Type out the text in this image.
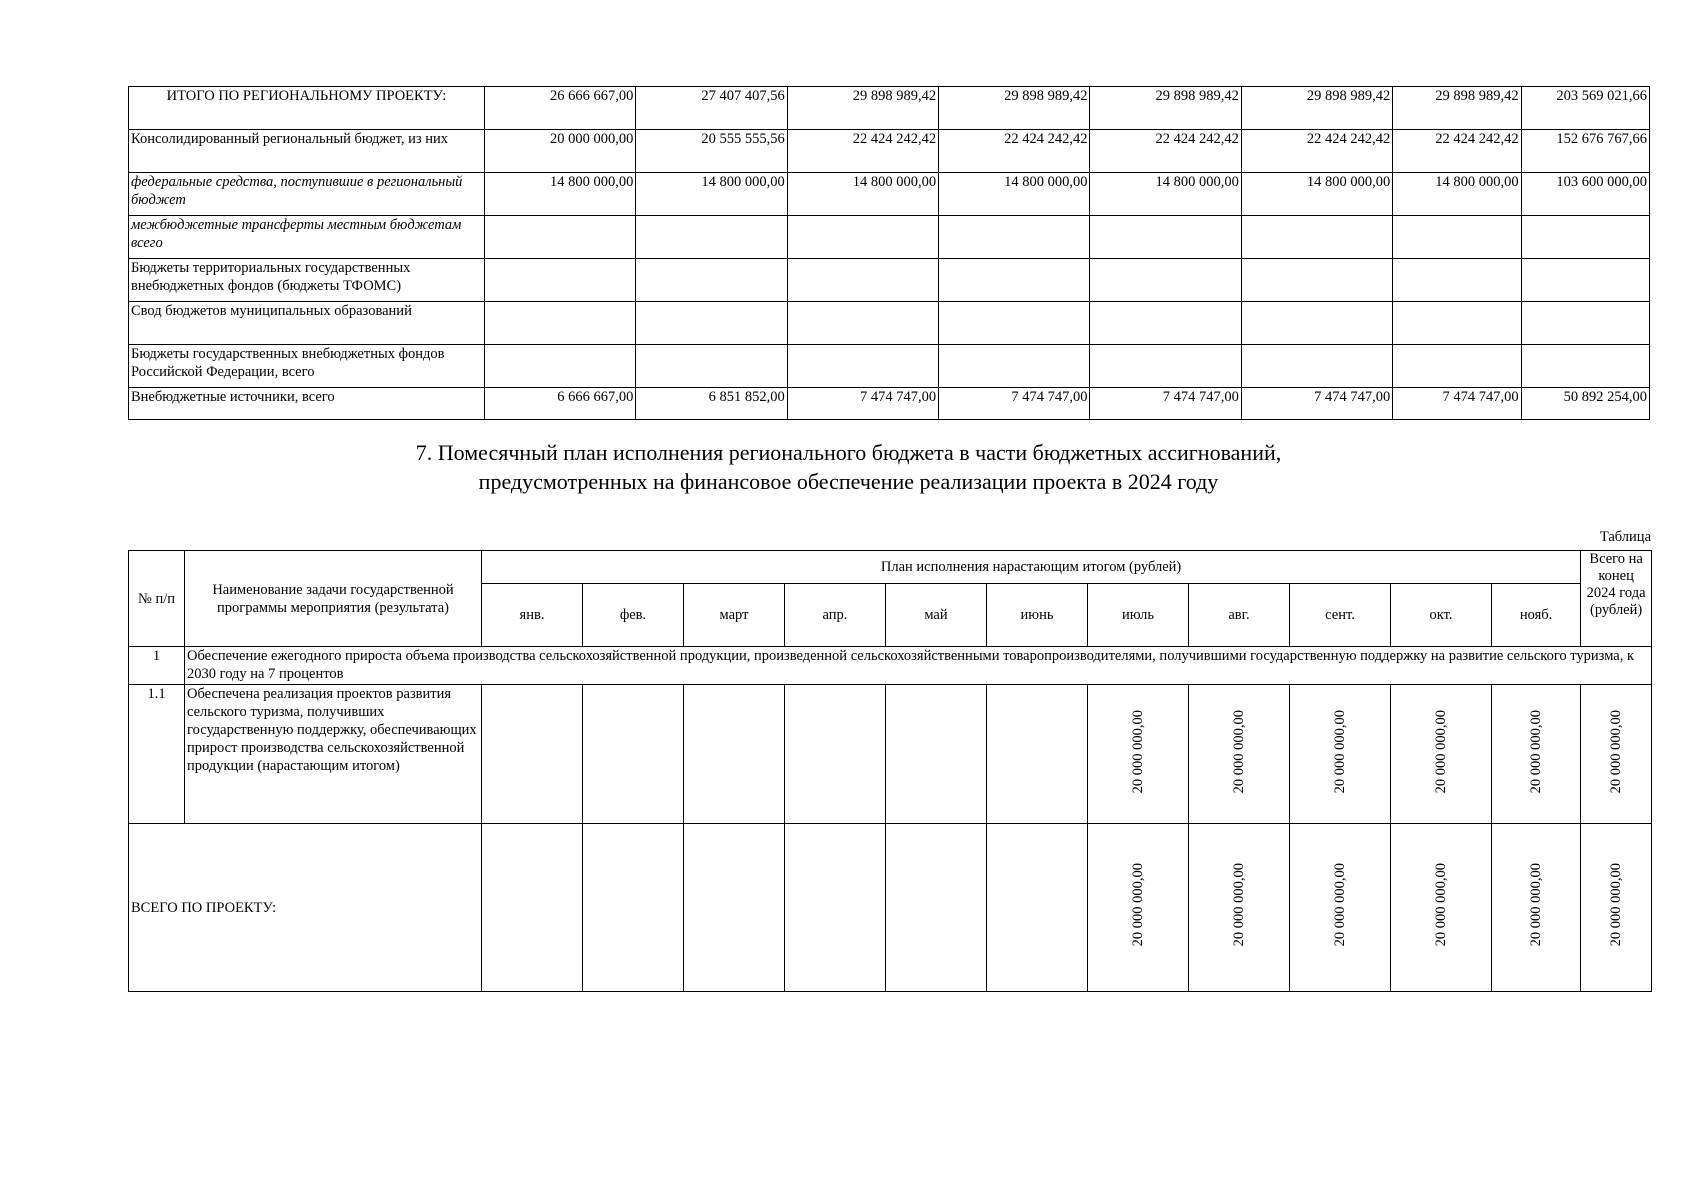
ИТОГО ПО РЕГИОНАЛЬНОМУ ПРОЕКТУ:	26 666 667,00	27 407 407,56	29 898 989,42	29 898 989,42	29 898 989,42	29 898 989,42	29 898 989,42	203 569 021,66
Консолидированный региональный бюджет, из них	20 000 000,00	20 555 555,56	22 424 242,42	22 424 242,42	22 424 242,42	22 424 242,42	22 424 242,42	152 676 767,66
федеральные средства, поступившие в региональный бюджет	14 800 000,00	14 800 000,00	14 800 000,00	14 800 000,00	14 800 000,00	14 800 000,00	14 800 000,00	103 600 000,00
межбюджетные трансферты местным бюджетам всего								
Бюджеты территориальных государственных внебюджетных фондов (бюджеты ТФОМС)								
Свод бюджетов муниципальных образований								
Бюджеты государственных внебюджетных фондов Российской Федерации, всего								
Внебюджетные источники, всего	6 666 667,00	6 851 852,00	7 474 747,00	7 474 747,00	7 474 747,00	7 474 747,00	7 474 747,00	50 892 254,00
7. Помесячный план исполнения регионального бюджета в части бюджетных ассигнований,
предусмотренных на финансовое обеспечение реализации проекта в 2024 году
Таблица
№ п/п	Наименование задачи государственной программы мероприятия (результата)	План исполнения нарастающим итогом (рублей)											Всего на конец 2024 года (рублей)
		янв.	фев.	март	апр.	май	июнь	июль	авг.	сент.	окт.	нояб.	
1	Обеспечение ежегодного прироста объема производства сельскохозяйственной продукции, произведенной сельскохозяйственными товаропроизводителями, получившими государственную поддержку на развитие сельского туризма, к 2030 году на 7 процентов												
1.1	Обеспечена реализация проектов развития сельского туризма, получивших государственную поддержку, обеспечивающих прирост производства сельскохозяйственной продукции (нарастающим итогом)							20 000 000,00	20 000 000,00	20 000 000,00	20 000 000,00	20 000 000,00	20 000 000,00
ВСЕГО ПО ПРОЕКТУ:								20 000 000,00	20 000 000,00	20 000 000,00	20 000 000,00	20 000 000,00	20 000 000,00
